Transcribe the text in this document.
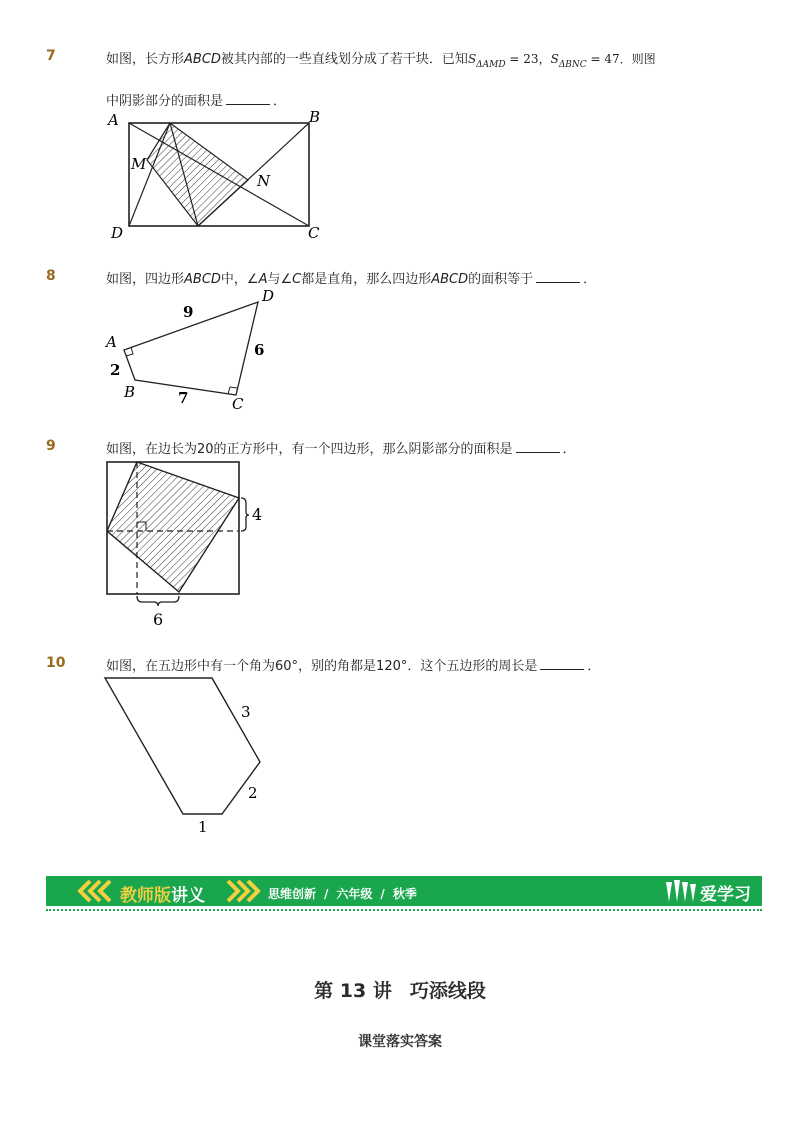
7	如图，长方形ABCD被其内部的一些直线划分成了若干块．已知$S_{\Delta AMD} = 23$，$S_{\Delta BNC} = 47$．则图
中阴影部分的面积是	．
A	B
C
D
M
N
8	如图，四边形ABCD中，∠A与∠C都是直角，那么四边形ABCD的面积等于	．
A
B
C
D
9
6
2
7
9	如图，在边长为20的正方形中，有一个四边形，那么阴影部分的面积是	．
4
6
10	如图，在五边形中有一个角为60°，别的角都是120°．这个五边形的周长是	．
3
2
1
教师版讲义	思维创新 / 六年级 / 秋季	爱学习
第 13 讲 巧添线段
课堂落实答案
